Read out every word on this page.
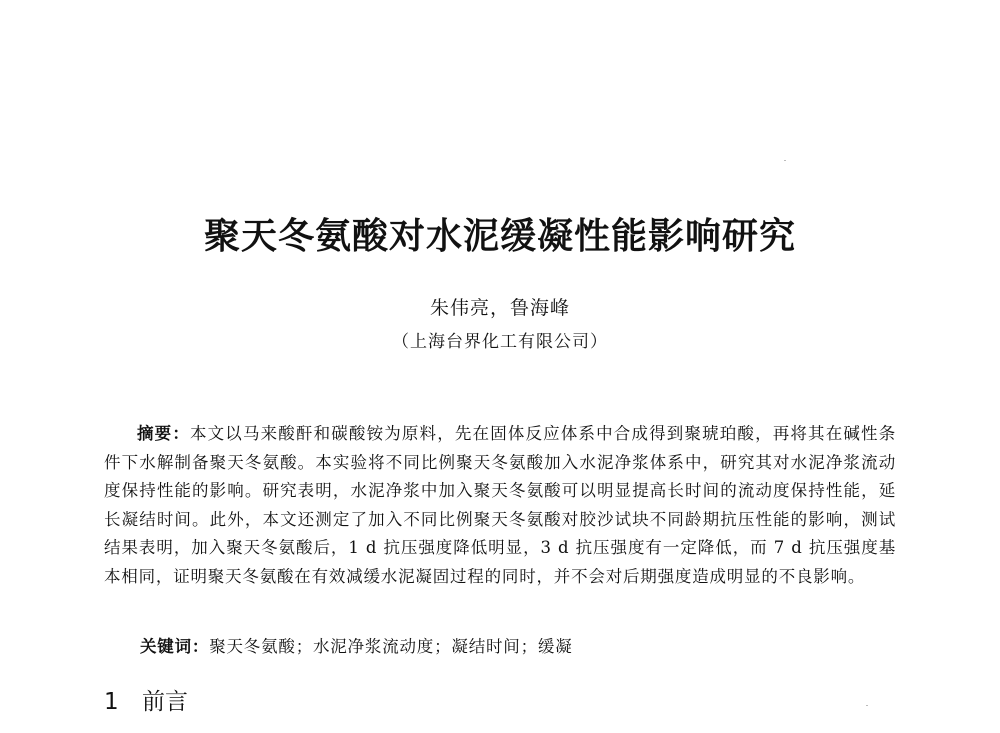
聚天冬氨酸对水泥缓凝性能影响研究
朱伟亮，鲁海峰
（上海台界化工有限公司）
摘要：本文以马来酸酐和碳酸铵为原料，先在固体反应体系中合成得到聚琥珀酸，再将其在碱性条件下水解制备聚天冬氨酸。本实验将不同比例聚天冬氨酸加入水泥净浆体系中，研究其对水泥净浆流动度保持性能的影响。研究表明，水泥净浆中加入聚天冬氨酸可以明显提高长时间的流动度保持性能，延长凝结时间。此外，本文还测定了加入不同比例聚天冬氨酸对胶沙试块不同龄期抗压性能的影响，测试结果表明，加入聚天冬氨酸后，1 d 抗压强度降低明显，3 d 抗压强度有一定降低，而 7 d 抗压强度基本相同，证明聚天冬氨酸在有效减缓水泥凝固过程的同时，并不会对后期强度造成明显的不良影响。
关键词：聚天冬氨酸；水泥净浆流动度；凝结时间；缓凝
1 前言
